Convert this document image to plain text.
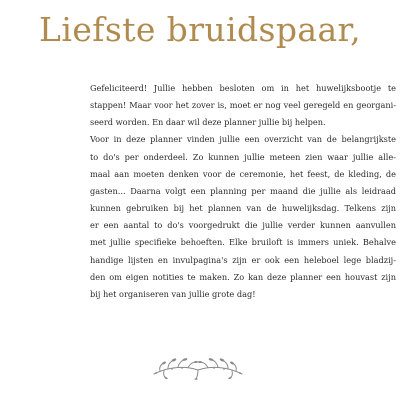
Liefste bruidspaar,
Gefeliciteerd! Jullie hebben besloten om in het huwelijksbootje te
stappen! Maar voor het zover is, moet er nog veel geregeld en georgani-
seerd worden. En daar wil deze planner jullie bij helpen.
Voor in deze planner vinden jullie een overzicht van de belangrijkste
to do's per onderdeel. Zo kunnen jullie meteen zien waar jullie alle-
maal aan moeten denken voor de ceremonie, het feest, de kleding, de
gasten... Daarna volgt een planning per maand die jullie als leidraad
kunnen gebruiken bij het plannen van de huwelijksdag. Telkens zijn
er een aantal to do's voorgedrukt die jullie verder kunnen aanvullen
met jullie specifieke behoeften. Elke bruiloft is immers uniek. Behalve
handige lijsten en invulpagina's zijn er ook een heleboel lege bladzij-
den om eigen notities te maken. Zo kan deze planner een houvast zijn
bij het organiseren van jullie grote dag!
